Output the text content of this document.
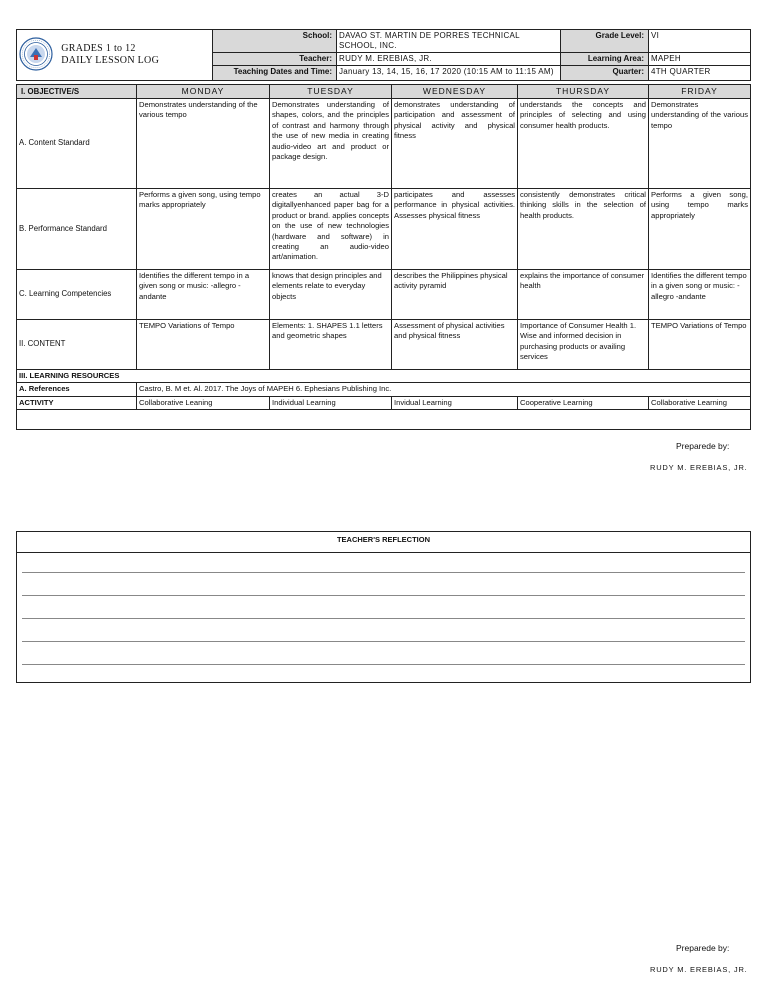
GRADES 1 to 12
DAILY LESSON LOG	School:	DAVAO ST. MARTIN DE PORRES TECHNICAL SCHOOL, INC.	Grade Level:	VI
	Teacher:	RUDY M. EREBIAS, JR.	Learning Area:	MAPEH
	Teaching Dates and Time:	January 13, 14, 15, 16, 17 2020 (10:15 AM to 11:15 AM)	Quarter:	4TH QUARTER
I. OBJECTIVE/S	MONDAY	TUESDAY	WEDNESDAY	THURSDAY	FRIDAY
A. Content Standard	Demonstrates understanding of the various tempo	Demonstrates understanding of shapes, colors, and the principles of contrast and harmony through the use of new media in creating audio-video art and product or package design.	demonstrates understanding of participation and assessment of physical activity and physical fitness	understands the concepts and principles of selecting and using consumer health products.	Demonstrates understanding of the various tempo
B. Performance Standard	Performs a given song, using tempo marks appropriately	creates an actual 3-D digitallyenhanced paper bag for a product or brand. applies concepts on the use of new technologies (hardware and software) in creating an audio-video art/animation.	participates and assesses performance in physical activities. Assesses physical fitness	consistently demonstrates critical thinking skills in the selection of health products.	Performs a given song, using tempo marks appropriately
C. Learning Competencies	Identifies the different tempo in a given song or music: -allegro -andante	knows that design principles and elements relate to everyday objects	describes the Philippines physical activity pyramid	explains the importance of consumer health	Identifies the different tempo in a given song or music: -allegro -andante
II. CONTENT	TEMPO Variations of Tempo	Elements: 1. SHAPES 1.1 letters and geometric shapes	Assessment of physical activities and physical fitness	Importance of Consumer Health 1. Wise and informed decision in purchasing products or availing services	TEMPO Variations of Tempo
III. LEARNING RESOURCES					
A. References	Castro, B. M et. Al. 2017. The Joys of MAPEH 6. Ephesians Publishing Inc.				
ACTIVITY	Collaborative Leaning	Individual Learning	Invidual Learning	Cooperative Learning	Collaborative Learning

Preparede by:
RUDY M. EREBIAS, JR.
TEACHER'S REFLECTION
Preparede by:
RUDY M. EREBIAS, JR.
